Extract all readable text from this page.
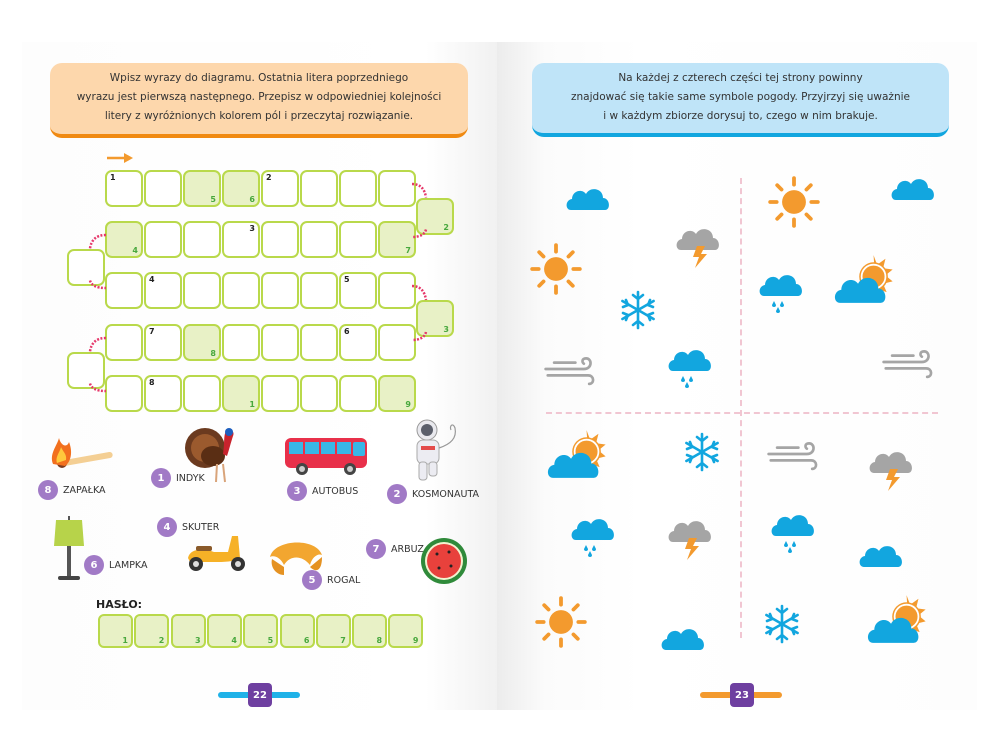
Wpisz wyrazy do diagramu. Ostatnia litera poprzedniego
wyrazu jest pierwszą następnego. Przepisz w odpowiedniej kolejności
litery z wyróżnionych kolorem pól i przeczytaj rozwiązanie.
Na każdej z czterech części tej strony powinny
znajdować się takie same symbole pogody. Przyjrzyj się uważnie
i w każdym zbiorze dorysuj to, czego w nim brakuje.
1
5	6
2
4
3
7
4	5
7
8
6
8
1	9
2
3
8	ZAPAŁKA
1	INDYK
3	AUTOBUS	2	KOSMONAUTA
6	LAMPKA
4	SKUTER
5	ROGAL
7	ARBUZ
HASŁO:
1	2	3	4	5	6	7	8	9
22	23
